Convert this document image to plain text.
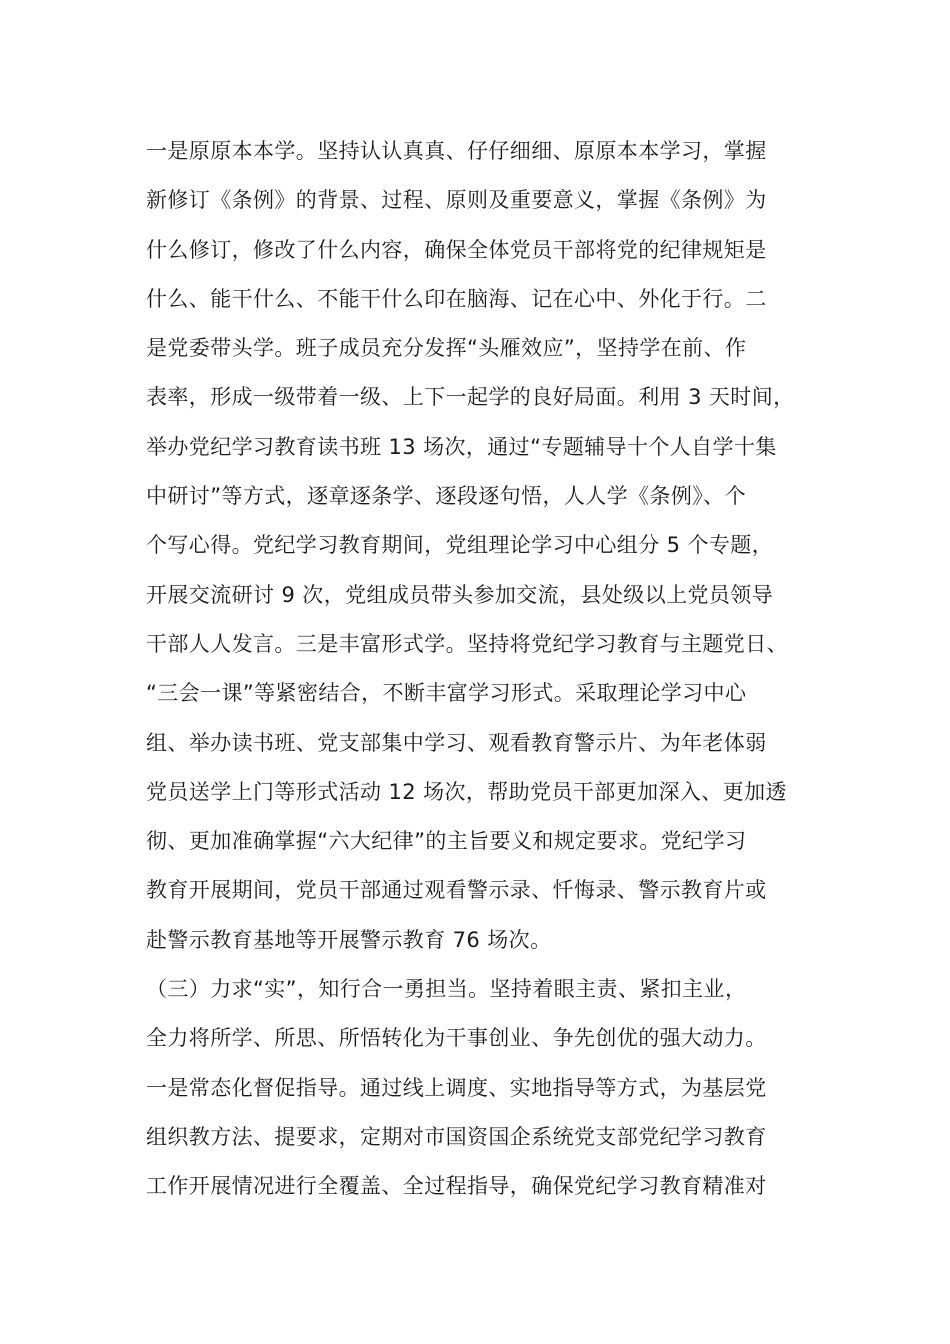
一是原原本本学。坚持认认真真、仔仔细细、原原本本学习，掌握
新修订《条例》的背景、过程、原则及重要意义，掌握《条例》为
什么修订，修改了什么内容，确保全体党员干部将党的纪律规矩是
什么、能干什么、不能干什么印在脑海、记在心中、外化于行。二
是党委带头学。班子成员充分发挥“头雁效应”，坚持学在前、作
表率，形成一级带着一级、上下一起学的良好局面。利用 3 天时间，
举办党纪学习教育读书班 13 场次，通过“专题辅导十个人自学十集
中研讨”等方式，逐章逐条学、逐段逐句悟，人人学《条例》、个
个写心得。党纪学习教育期间，党组理论学习中心组分 5 个专题，
开展交流研讨 9 次，党组成员带头参加交流，县处级以上党员领导
干部人人发言。三是丰富形式学。坚持将党纪学习教育与主题党日、
“三会一课”等紧密结合，不断丰富学习形式。采取理论学习中心
组、举办读书班、党支部集中学习、观看教育警示片、为年老体弱
党员送学上门等形式活动 12 场次，帮助党员干部更加深入、更加透
彻、更加准确掌握“六大纪律”的主旨要义和规定要求。党纪学习
教育开展期间，党员干部通过观看警示录、忏悔录、警示教育片或
赴警示教育基地等开展警示教育 76 场次。
（三）力求“实”，知行合一勇担当。坚持着眼主责、紧扣主业，
全力将所学、所思、所悟转化为干事创业、争先创优的强大动力。
一是常态化督促指导。通过线上调度、实地指导等方式，为基层党
组织教方法、提要求，定期对市国资国企系统党支部党纪学习教育
工作开展情况进行全覆盖、全过程指导，确保党纪学习教育精准对
